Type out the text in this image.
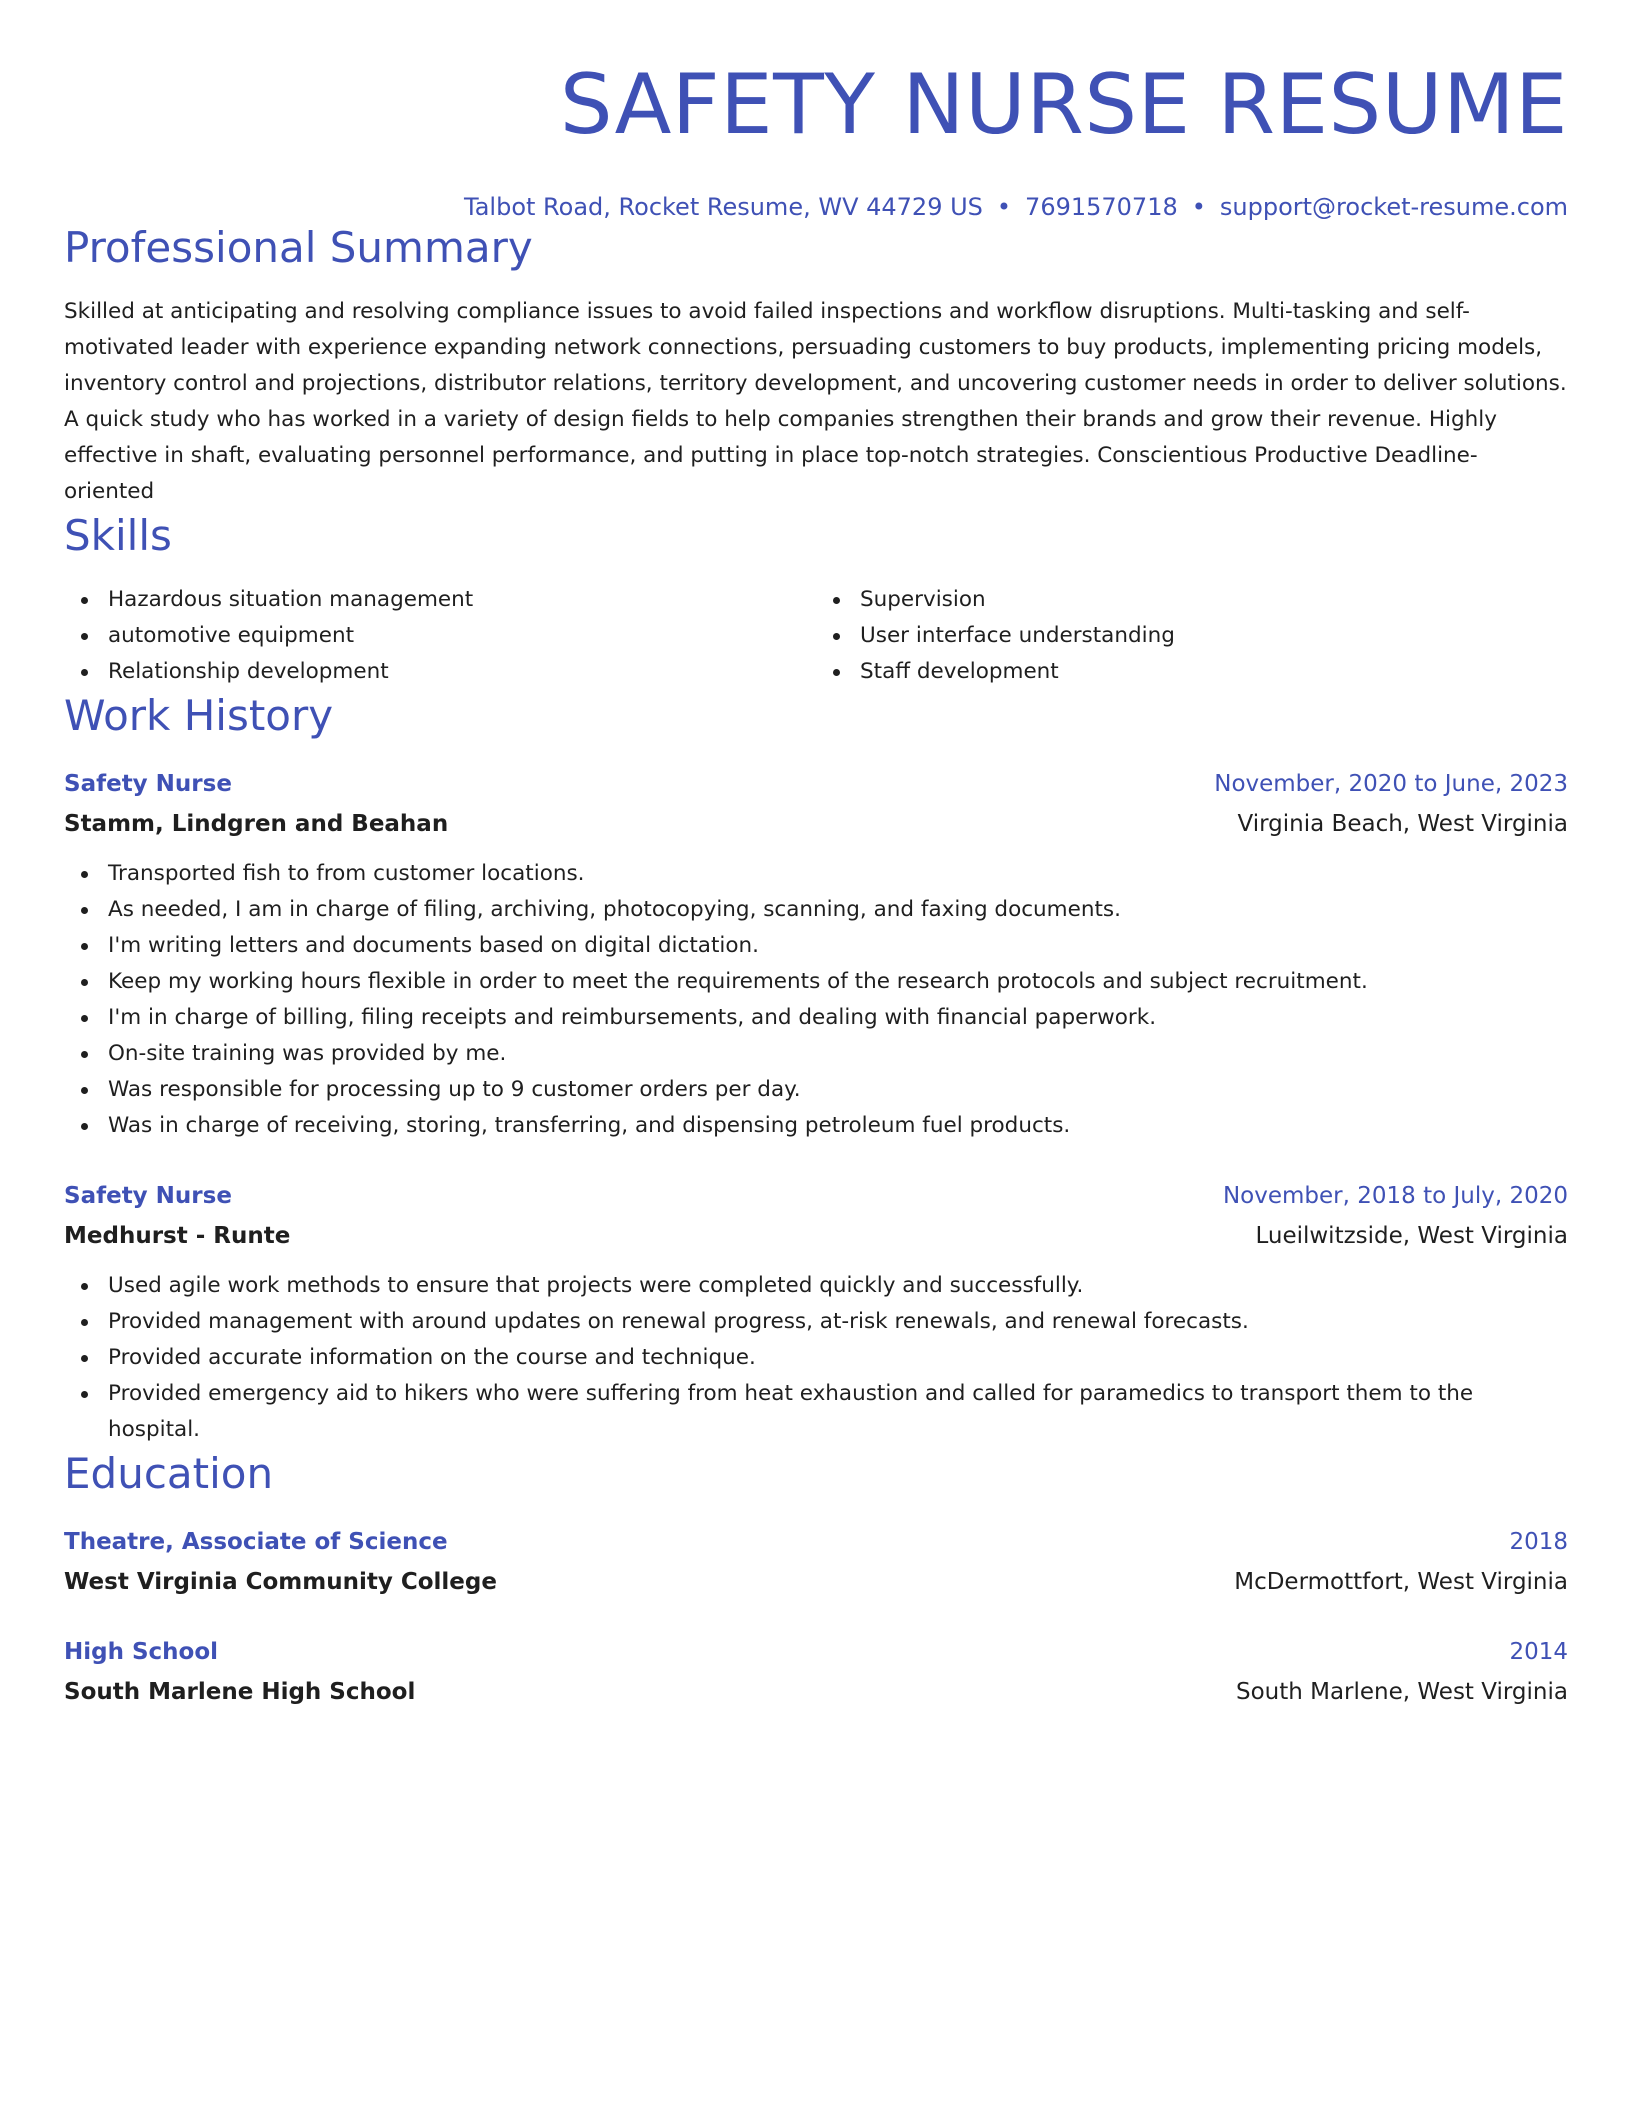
SAFETY NURSE RESUME
Talbot Road, Rocket Resume, WV 44729 US • 7691570718 • support@rocket-resume.com
Professional Summary

Skilled at anticipating and resolving compliance issues to avoid failed inspections and workflow disruptions. Multi-tasking and self-motivated leader with experience expanding network connections, persuading customers to buy products, implementing pricing models, inventory control and projections, distributor relations, territory development, and uncovering customer needs in order to deliver solutions. A quick study who has worked in a variety of design fields to help companies strengthen their brands and grow their revenue. Highly effective in shaft, evaluating personnel performance, and putting in place top-notch strategies. Conscientious Productive Deadline-oriented

Skills
Hazardous situation management
automotive equipment
Relationship development
Supervision
User interface understanding
Staff development
Work History
Safety Nurse	November, 2020 to June, 2023
Stamm, Lindgren and Beahan	Virginia Beach, West Virginia
Transported fish to from customer locations.
As needed, I am in charge of filing, archiving, photocopying, scanning, and faxing documents.
I'm writing letters and documents based on digital dictation.
Keep my working hours flexible in order to meet the requirements of the research protocols and subject recruitment.
I'm in charge of billing, filing receipts and reimbursements, and dealing with financial paperwork.
On-site training was provided by me.
Was responsible for processing up to 9 customer orders per day.
Was in charge of receiving, storing, transferring, and dispensing petroleum fuel products.
Safety Nurse	November, 2018 to July, 2020
Medhurst - Runte	Lueilwitzside, West Virginia
Used agile work methods to ensure that projects were completed quickly and successfully.
Provided management with around updates on renewal progress, at-risk renewals, and renewal forecasts.
Provided accurate information on the course and technique.
Provided emergency aid to hikers who were suffering from heat exhaustion and called for paramedics to transport them to the hospital.
Education
Theatre, Associate of Science	2018
West Virginia Community College	McDermottfort, West Virginia
High School	2014
South Marlene High School	South Marlene, West Virginia
